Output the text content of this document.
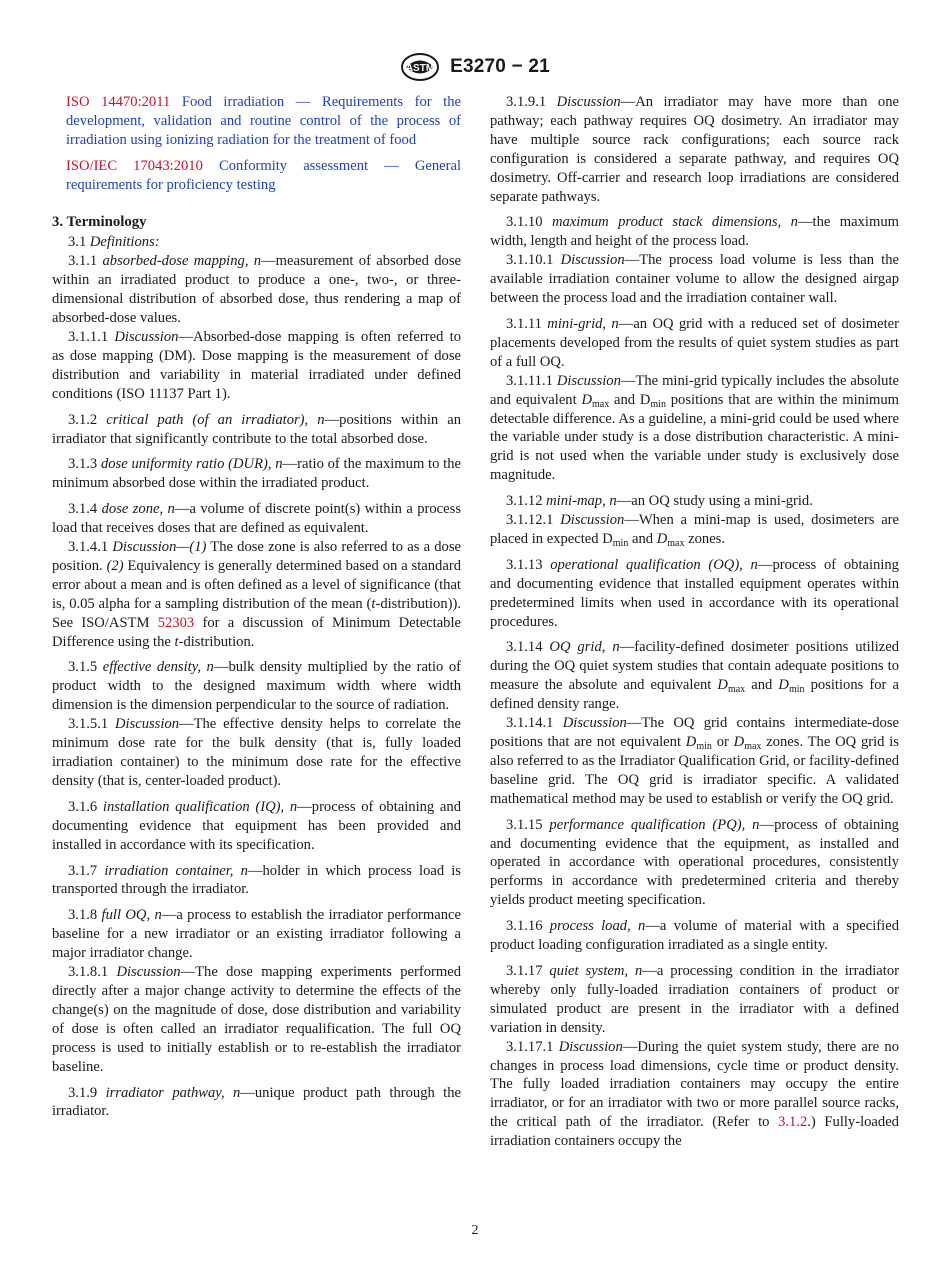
ASTM E3270 − 21

ISO 14470:2011 Food irradiation — Requirements for the development, validation and routine control of the process of irradiation using ionizing radiation for the treatment of food

ISO/IEC 17043:2010 Conformity assessment — General requirements for proficiency testing

3. Terminology

3.1 Definitions:

3.1.1 absorbed-dose mapping, n—measurement of absorbed dose within an irradiated product to produce a one-, two-, or three-dimensional distribution of absorbed dose, thus rendering a map of absorbed-dose values.

3.1.1.1 Discussion—Absorbed-dose mapping is often referred to as dose mapping (DM). Dose mapping is the measurement of dose distribution and variability in material irradiated under defined conditions (ISO 11137 Part 1).

3.1.2 critical path (of an irradiator), n—positions within an irradiator that significantly contribute to the total absorbed dose.

3.1.3 dose uniformity ratio (DUR), n—ratio of the maximum to the minimum absorbed dose within the irradiated product.

3.1.4 dose zone, n—a volume of discrete point(s) within a process load that receives doses that are defined as equivalent.

3.1.4.1 Discussion—(1) The dose zone is also referred to as a dose position. (2) Equivalency is generally determined based on a standard error about a mean and is often defined as a level of significance (that is, 0.05 alpha for a sampling distribution of the mean (t-distribution)). See ISO/ASTM 52303 for a discussion of Minimum Detectable Difference using the t-distribution.

3.1.5 effective density, n—bulk density multiplied by the ratio of product width to the designed maximum width where width dimension is the dimension perpendicular to the source of radiation.

3.1.5.1 Discussion—The effective density helps to correlate the minimum dose rate for the bulk density (that is, fully loaded irradiation container) to the minimum dose rate for the effective density (that is, center-loaded product).

3.1.6 installation qualification (IQ), n—process of obtaining and documenting evidence that equipment has been provided and installed in accordance with its specification.

3.1.7 irradiation container, n—holder in which process load is transported through the irradiator.

3.1.8 full OQ, n—a process to establish the irradiator performance baseline for a new irradiator or an existing irradiator following a major irradiator change.

3.1.8.1 Discussion—The dose mapping experiments performed directly after a major change activity to determine the effects of the change(s) on the magnitude of dose, dose distribution and variability of dose is often called an irradiator requalification. The full OQ process is used to initially establish or to re-establish the irradiator baseline.

3.1.9 irradiator pathway, n—unique product path through the irradiator.

3.1.9.1 Discussion—An irradiator may have more than one pathway; each pathway requires OQ dosimetry. An irradiator may have multiple source rack configurations; each source rack configuration is considered a separate pathway, and requires OQ dosimetry. Off-carrier and research loop irradiations are considered separate pathways.

3.1.10 maximum product stack dimensions, n—the maximum width, length and height of the process load.

3.1.10.1 Discussion—The process load volume is less than the available irradiation container volume to allow the designed airgap between the process load and the irradiation container wall.

3.1.11 mini-grid, n—an OQ grid with a reduced set of dosimeter placements developed from the results of quiet system studies as part of a full OQ.

3.1.11.1 Discussion—The mini-grid typically includes the absolute and equivalent $D_{max}$ and $D_{min}$ positions that are within the minimum detectable difference. As a guideline, a mini-grid could be used where the variable under study is a dose distribution characteristic. A mini-grid is not used when the variable under study is exclusively dose magnitude.

3.1.12 mini-map, n—an OQ study using a mini-grid.

3.1.12.1 Discussion—When a mini-map is used, dosimeters are placed in expected $D_{min}$ and $D_{max}$ zones.

3.1.13 operational qualification (OQ), n—process of obtaining and documenting evidence that installed equipment operates within predetermined limits when used in accordance with its operational procedures.

3.1.14 OQ grid, n—facility-defined dosimeter positions utilized during the OQ quiet system studies that contain adequate positions to measure the absolute and equivalent $D_{max}$ and $D_{min}$ positions for a defined density range.

3.1.14.1 Discussion—The OQ grid contains intermediate-dose positions that are not equivalent $D_{min}$ or $D_{max}$ zones. The OQ grid is also referred to as the Irradiator Qualification Grid, or facility-defined baseline grid. The OQ grid is irradiator specific. A validated mathematical method may be used to establish or verify the OQ grid.

3.1.15 performance qualification (PQ), n—process of obtaining and documenting evidence that the equipment, as installed and operated in accordance with operational procedures, consistently performs in accordance with predetermined criteria and thereby yields product meeting specification.

3.1.16 process load, n—a volume of material with a specified product loading configuration irradiated as a single entity.

3.1.17 quiet system, n—a processing condition in the irradiator whereby only fully-loaded irradiation containers of product or simulated product are present in the irradiator with a defined variation in density.

3.1.17.1 Discussion—During the quiet system study, there are no changes in process load dimensions, cycle time or product density. The fully loaded irradiation containers may occupy the entire irradiator, or for an irradiator with two or more parallel source racks, the critical path of the irradiator. (Refer to 3.1.2.) Fully-loaded irradiation containers occupy the

2
